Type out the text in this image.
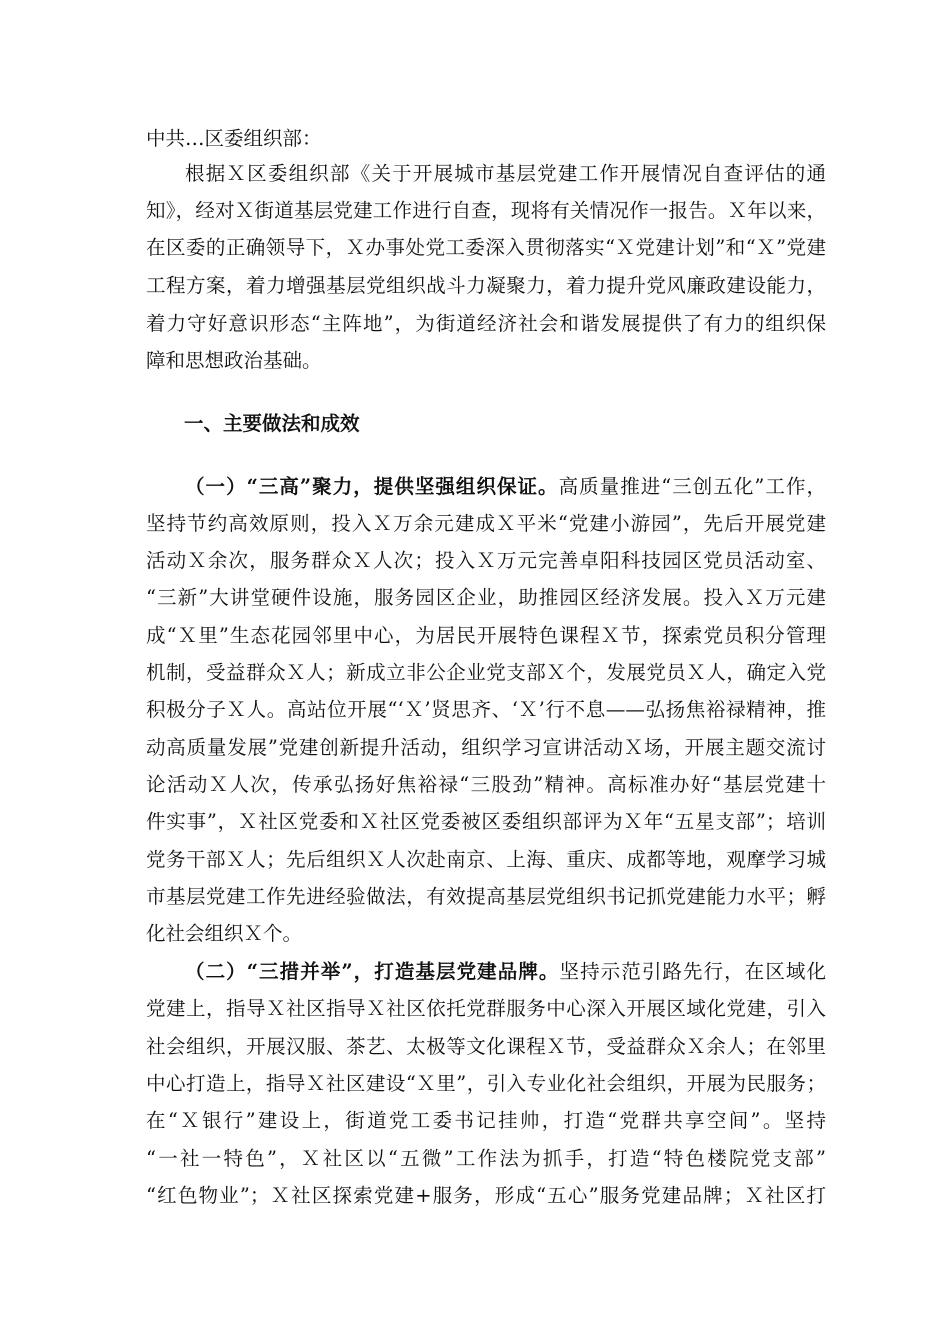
中共…区委组织部：
根据Ｘ区委组织部《关于开展城市基层党建工作开展情况自查评估的通
知》，经对Ｘ街道基层党建工作进行自查，现将有关情况作一报告。Ｘ年以来，
在区委的正确领导下，Ｘ办事处党工委深入贯彻落实“Ｘ党建计划”和“Ｘ”党建
工程方案，着力增强基层党组织战斗力凝聚力，着力提升党风廉政建设能力，
着力守好意识形态“主阵地”，为街道经济社会和谐发展提供了有力的组织保
障和思想政治基础。
一、主要做法和成效
（一）“三高”聚力，提供坚强组织保证。高质量推进“三创五化”工作，
坚持节约高效原则，投入Ｘ万余元建成Ｘ平米“党建小游园”，先后开展党建
活动Ｘ余次，服务群众Ｘ人次；投入Ｘ万元完善卓阳科技园区党员活动室、
“三新”大讲堂硬件设施，服务园区企业，助推园区经济发展。投入Ｘ万元建
成“Ｘ里”生态花园邻里中心，为居民开展特色课程Ｘ节，探索党员积分管理
机制，受益群众Ｘ人；新成立非公企业党支部Ｘ个，发展党员Ｘ人，确定入党
积极分子Ｘ人。高站位开展“‘Ｘ’贤思齐、‘Ｘ’行不息——弘扬焦裕禄精神，推
动高质量发展”党建创新提升活动，组织学习宣讲活动Ｘ场，开展主题交流讨
论活动Ｘ人次，传承弘扬好焦裕禄“三股劲”精神。高标准办好“基层党建十
件实事”，Ｘ社区党委和Ｘ社区党委被区委组织部评为Ｘ年“五星支部”；培训
党务干部Ｘ人；先后组织Ｘ人次赴南京、上海、重庆、成都等地，观摩学习城
市基层党建工作先进经验做法，有效提高基层党组织书记抓党建能力水平；孵
化社会组织Ｘ个。
（二）“三措并举”，打造基层党建品牌。坚持示范引路先行，在区域化
党建上，指导Ｘ社区指导Ｘ社区依托党群服务中心深入开展区域化党建，引入
社会组织，开展汉服、茶艺、太极等文化课程Ｘ节，受益群众Ｘ余人；在邻里
中心打造上，指导Ｘ社区建设“Ｘ里”，引入专业化社会组织，开展为民服务；
在“Ｘ银行”建设上，街道党工委书记挂帅，打造“党群共享空间”。坚持
“一社一特色”，Ｘ社区以“五微”工作法为抓手，打造“特色楼院党支部”
“红色物业”；Ｘ社区探索党建+服务，形成“五心”服务党建品牌；Ｘ社区打
